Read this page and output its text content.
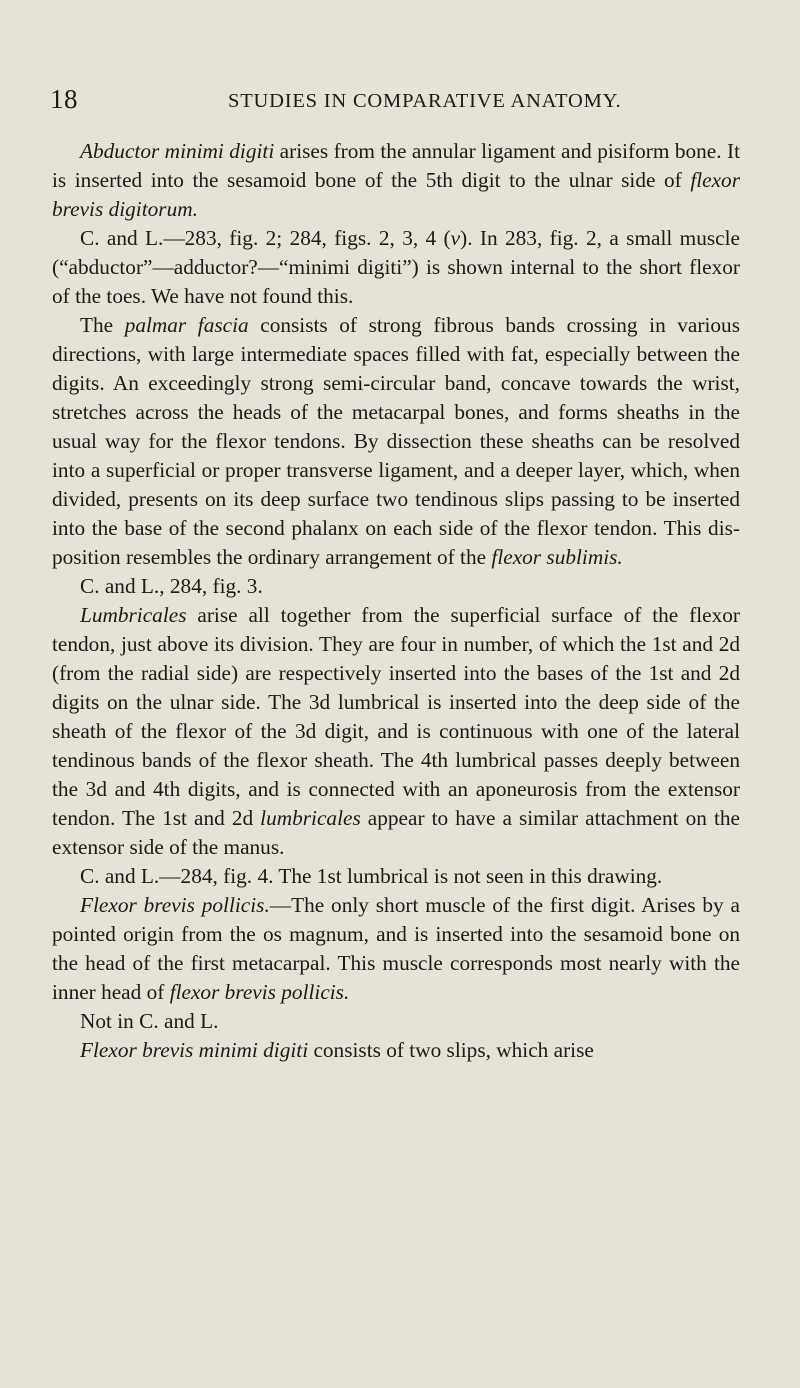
18	STUDIES IN COMPARATIVE ANATOMY.

Abductor minimi digiti arises from the annular ligament and pisiform bone. It is inserted into the sesamoid bone of the 5th digit to the ulnar side of flexor brevis digitorum.

C. and L.—283, fig. 2; 284, figs. 2, 3, 4 (v). In 283, fig. 2, a small muscle (“abductor”—adductor?—“minimi digiti”) is shown internal to the short flexor of the toes. We have not found this.

The palmar fascia consists of strong fibrous bands crossing in various directions, with large intermediate spaces filled with fat, especially between the digits. An exceedingly strong semi-circular band, concave towards the wrist, stretches across the heads of the metacarpal bones, and forms sheaths in the usual way for the flexor tendons. By dissection these sheaths can be resolved into a superficial or proper transverse ligament, and a deeper layer, which, when divided, presents on its deep surface two tendinous slips passing to be inserted into the base of the second phalanx on each side of the flexor tendon. This dis-position resembles the ordinary arrangement of the flexor sublimis.

C. and L., 284, fig. 3.

Lumbricales arise all together from the superficial surface of the flexor tendon, just above its division. They are four in number, of which the 1st and 2d (from the radial side) are respectively inserted into the bases of the 1st and 2d digits on the ulnar side. The 3d lumbrical is inserted into the deep side of the sheath of the flexor of the 3d digit, and is continuous with one of the lateral tendinous bands of the flexor sheath. The 4th lumbrical passes deeply between the 3d and 4th digits, and is connected with an aponeurosis from the extensor tendon. The 1st and 2d lumbricales appear to have a similar attachment on the extensor side of the manus.

C. and L.—284, fig. 4. The 1st lumbrical is not seen in this drawing.

Flexor brevis pollicis.—The only short muscle of the first digit. Arises by a pointed origin from the os magnum, and is inserted into the sesamoid bone on the head of the first metacarpal. This muscle corresponds most nearly with the inner head of flexor brevis pollicis.

Not in C. and L.

Flexor brevis minimi digiti consists of two slips, which arise
